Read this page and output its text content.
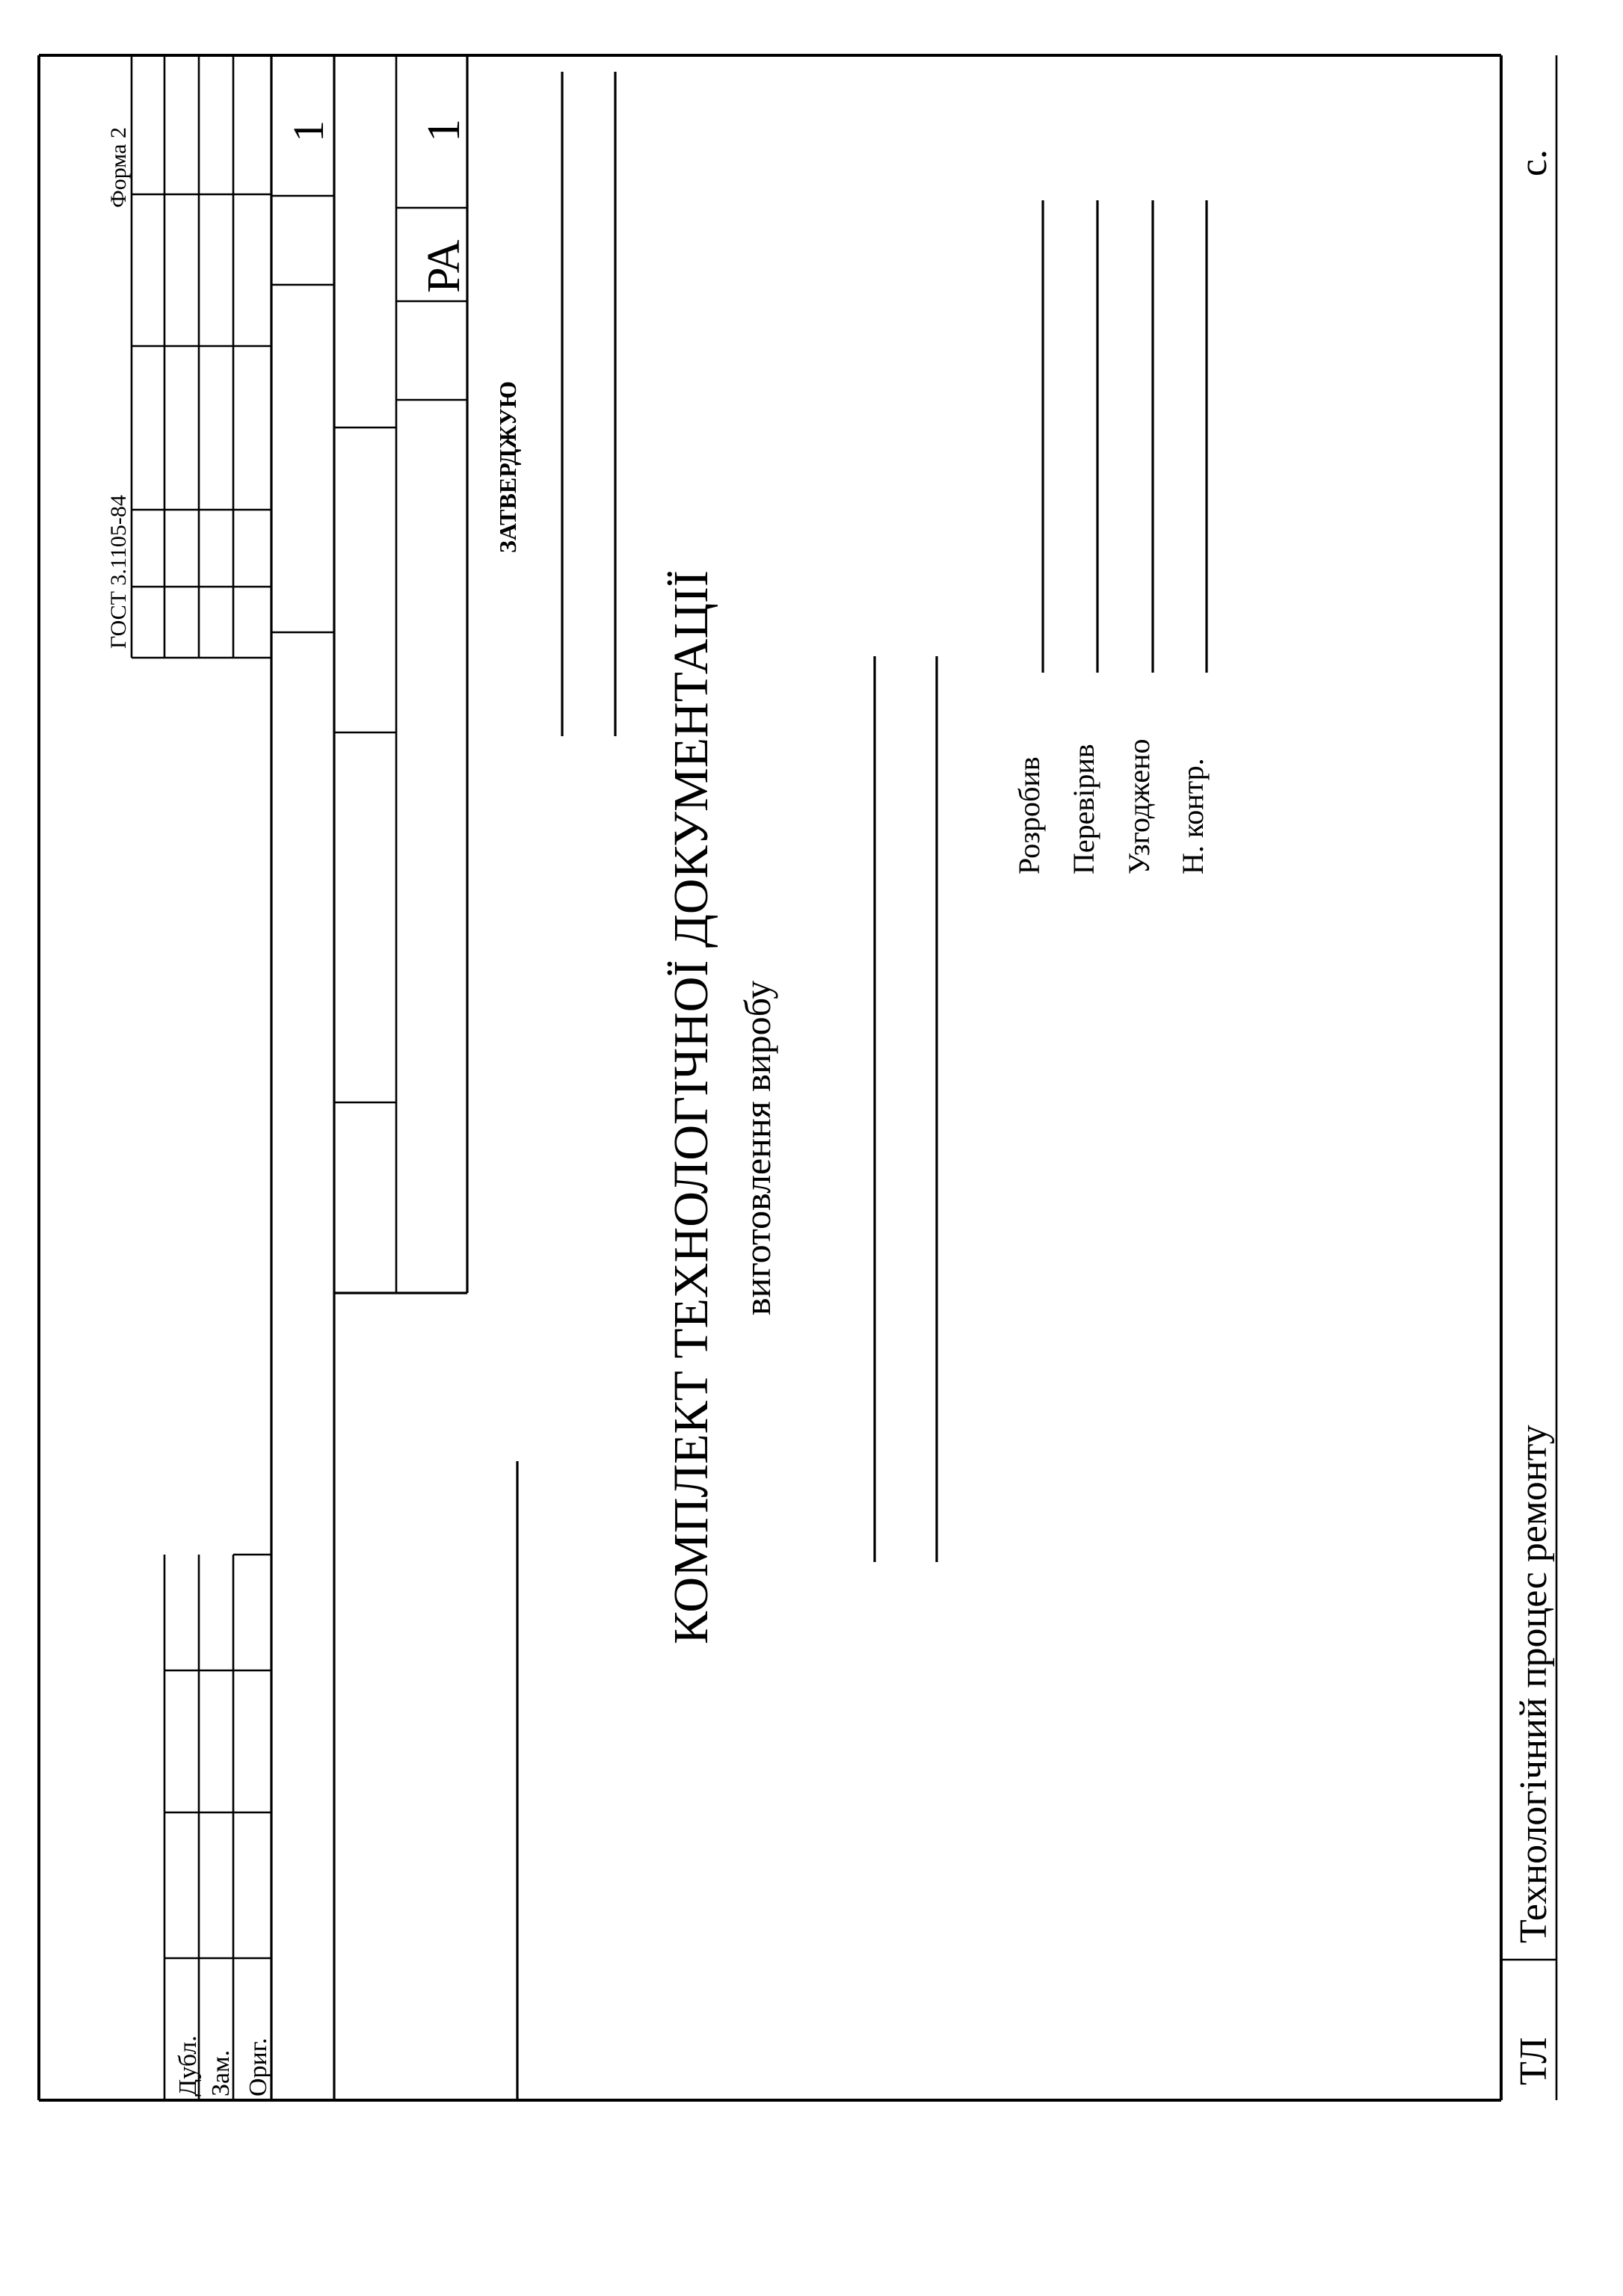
ГОСТ 3.1105-84
Форма 2	1
РА
1
Дубл. Зам. Ориг.
ЗАТВЕРДЖУЮ
КОМПЛЕКТ ТЕХНОЛОГІЧНОЇ ДОКУМЕНТАЦІЇ виготовлення виробу
Розробив Перевірив Узгоджено Н. контр.
ТЛ
Технологічний процес ремонту
с.
